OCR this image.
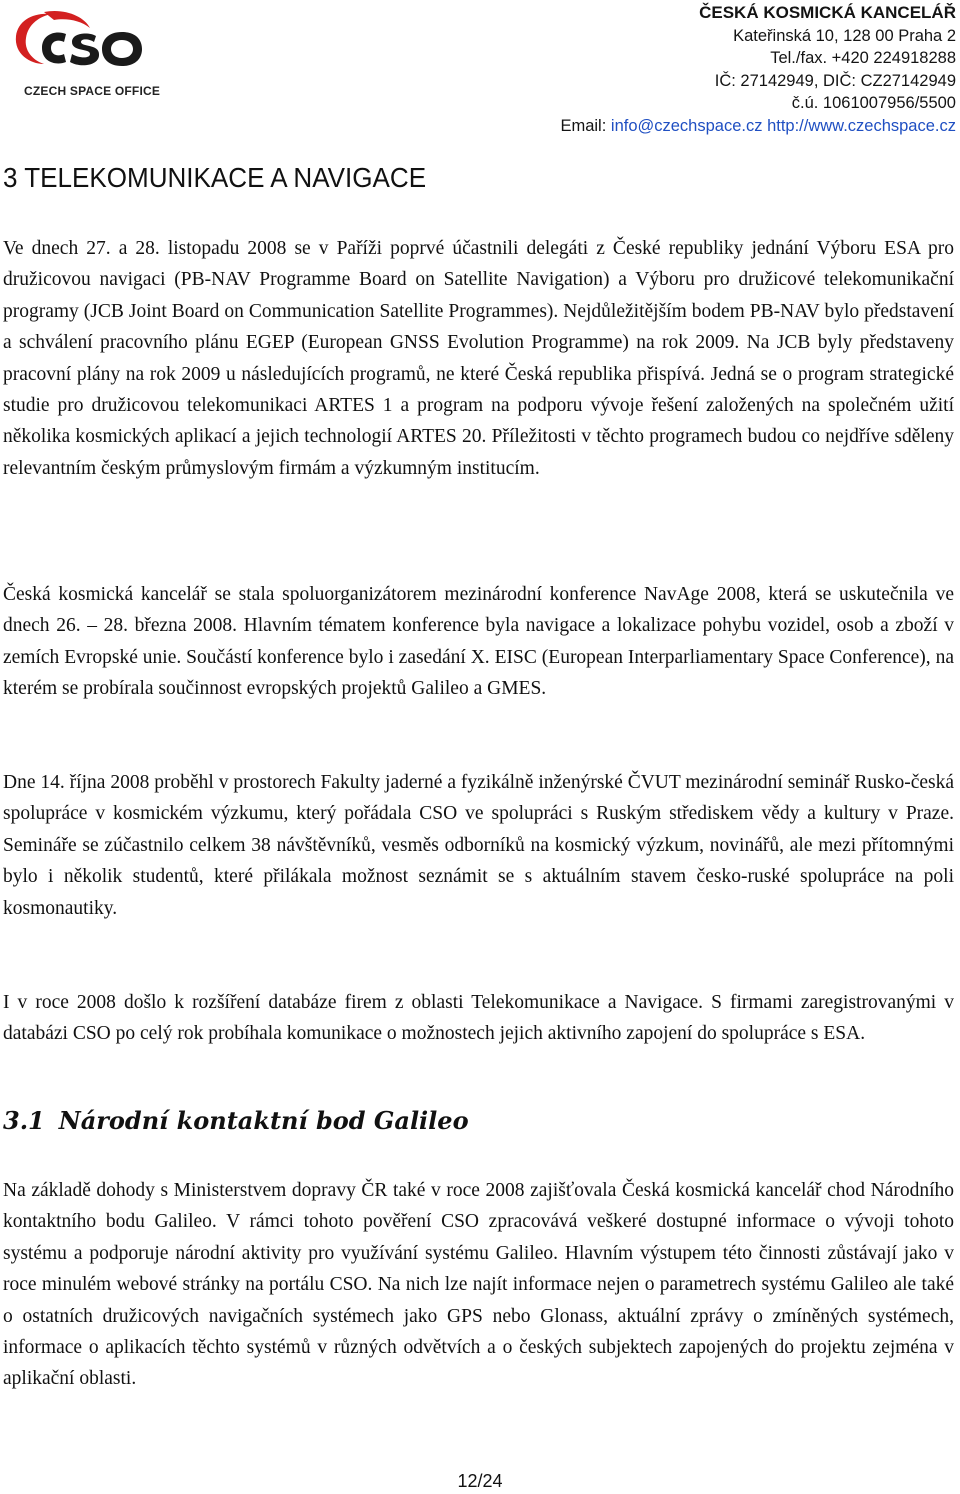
CZECH SPACE OFFICE
ČESKÁ KOSMICKÁ KANCELÁŘ
Kateřinská 10, 128 00 Praha 2
Tel./fax. +420 224918288
IČ: 27142949, DIČ: CZ27142949
č.ú. 1061007956/5500
Email: info@czechspace.cz http://www.czechspace.cz
3 TELEKOMUNIKACE A NAVIGACE

Ve dnech 27. a 28. listopadu 2008 se v Paříži poprvé účastnili delegáti z České republiky jednání Výboru ESA pro družicovou navigaci (PB-NAV Programme Board on Satellite Navigation) a Výboru pro družicové telekomunikační programy (JCB Joint Board on Communication Satellite Programmes). Nejdůležitějším bodem PB-NAV bylo představení a schválení pracovního plánu EGEP (European GNSS Evolution Programme) na rok 2009. Na JCB byly představeny pracovní plány na rok 2009 u následujících programů, ne které Česká republika přispívá. Jedná se o program strategické studie pro družicovou telekomunikaci ARTES 1 a program na podporu vývoje řešení založených na společném užití několika kosmických aplikací a jejich technologií ARTES 20. Příležitosti v těchto programech budou co nejdříve sděleny relevantním českým průmyslovým firmám a výzkumným institucím.

Česká kosmická kancelář se stala spoluorganizátorem mezinárodní konference NavAge 2008, která se uskutečnila ve dnech 26. – 28. března 2008. Hlavním tématem konference byla navigace a lokalizace pohybu vozidel, osob a zboží v zemích Evropské unie. Součástí konference bylo i zasedání X. EISC (European Interparliamentary Space Conference), na kterém se probírala součinnost evropských projektů Galileo a GMES.

Dne 14. října 2008 proběhl v prostorech Fakulty jaderné a fyzikálně inženýrské ČVUT mezinárodní seminář Rusko-česká spolupráce v kosmickém výzkumu, který pořádala CSO ve spolupráci s Ruským střediskem vědy a kultury v Praze. Semináře se zúčastnilo celkem 38 návštěvníků, vesměs odborníků na kosmický výzkum, novinářů, ale mezi přítomnými bylo i několik studentů, které přilákala možnost seznámit se s aktuálním stavem česko-ruské spolupráce na poli kosmonautiky.

I v roce 2008 došlo k rozšíření databáze firem z oblasti Telekomunikace a Navigace. S firmami zaregistrovanými v databázi CSO po celý rok probíhala komunikace o možnostech jejich aktivního zapojení do spolupráce s ESA.

3.1 Národní kontaktní bod Galileo

Na základě dohody s Ministerstvem dopravy ČR také v roce 2008 zajišťovala Česká kosmická kancelář chod Národního kontaktního bodu Galileo. V rámci tohoto pověření CSO zpracovává veškeré dostupné informace o vývoji tohoto systému a podporuje národní aktivity pro využívání systému Galileo. Hlavním výstupem této činnosti zůstávají jako v roce minulém webové stránky na portálu CSO. Na nich lze najít informace nejen o parametrech systému Galileo ale také o ostatních družicových navigačních systémech jako GPS nebo Glonass, aktuální zprávy o zmíněných systémech, informace o aplikacích těchto systémů v různých odvětvích a o českých subjektech zapojených do projektu zejména v aplikační oblasti.

12/24
